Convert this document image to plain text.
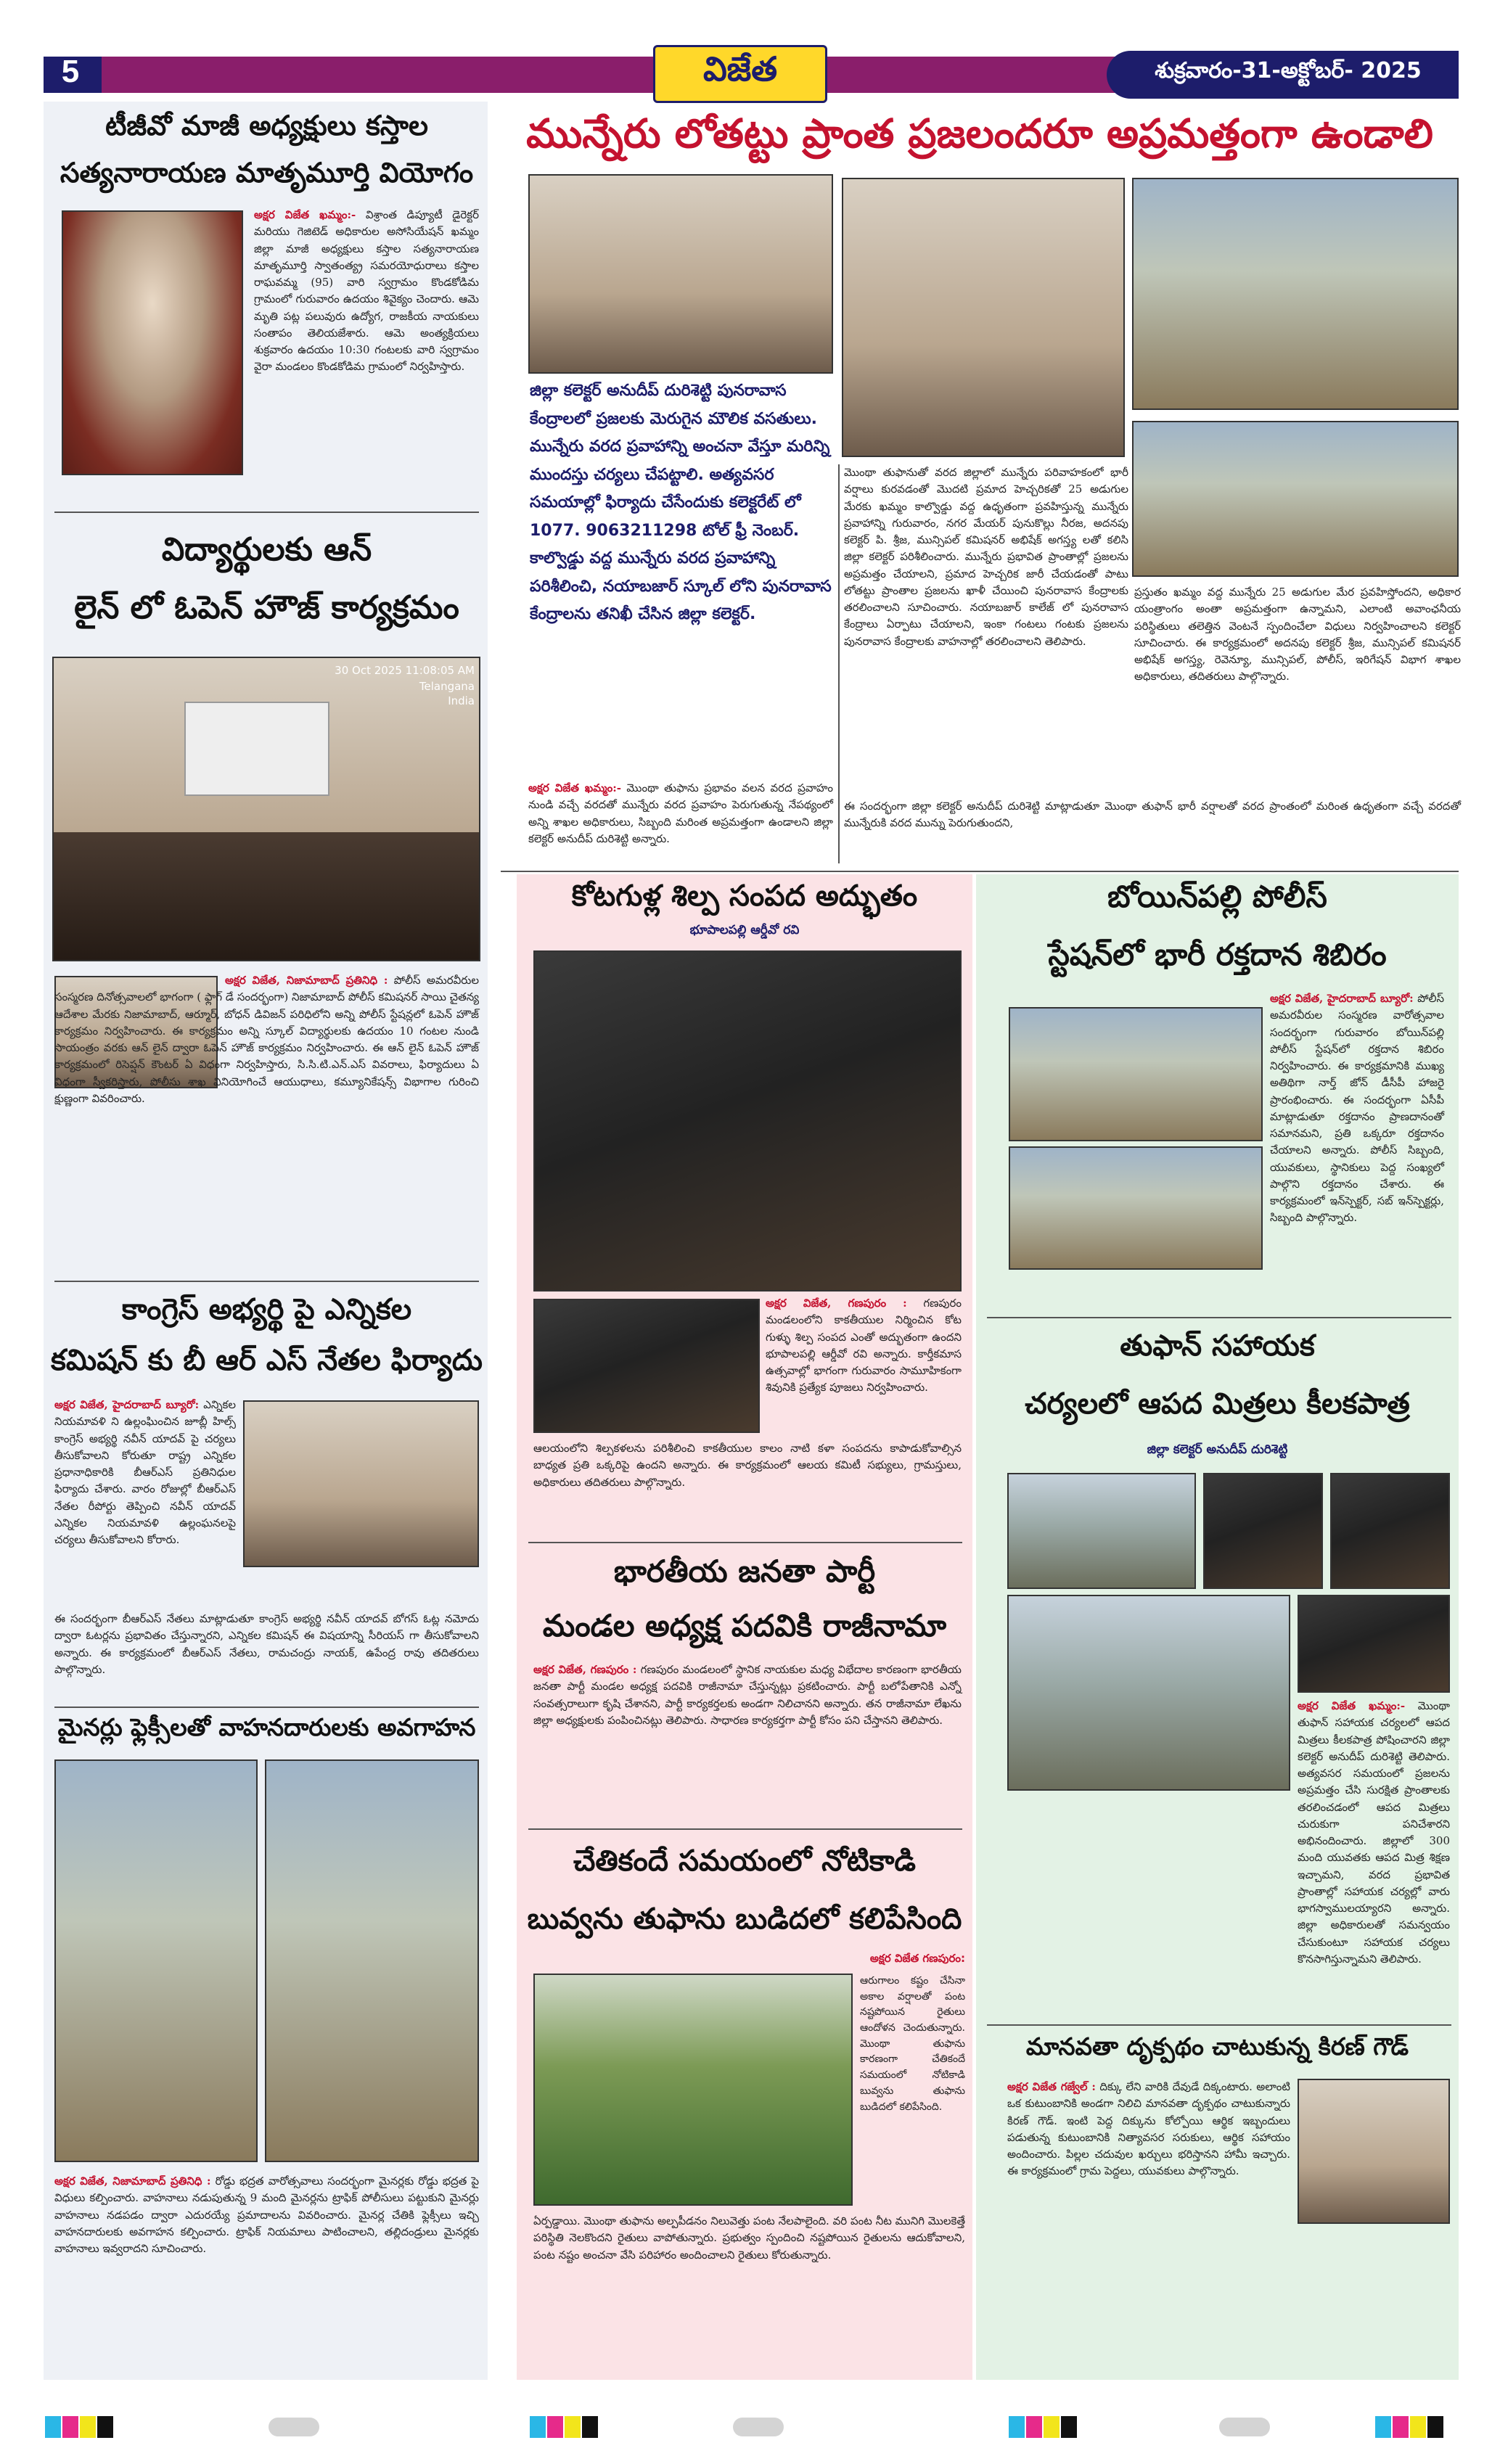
5	విజేత	శుక్రవారం-31-అక్టోబర్- 2025
టీజీవో మాజీ అధ్యక్షులు కస్తాల
సత్యనారాయణ మాతృమూర్తి వియోగం
అక్షర విజేత ఖమ్మం:- విశ్రాంత డిప్యూటీ డైరెక్టర్ మరియు గెజిటెడ్ అధికారుల అసోసియేషన్ ఖమ్మం జిల్లా మాజీ అధ్యక్షులు కస్తాల సత్యనారాయణ మాతృమూర్తి స్వాతంత్య్ర సమరయోధురాలు కస్తాల రాఘవమ్మ (95) వారి స్వగ్రామం కొండకోడిమ గ్రామంలో గురువారం ఉదయం శివైక్యం చెందారు. ఆమె మృతి పట్ల పలువురు ఉద్యోగ, రాజకీయ నాయకులు సంతాపం తెలియజేశారు. ఆమె అంత్యక్రియలు శుక్రవారం ఉదయం 10:30 గంటలకు వారి స్వగ్రామం వైరా మండలం కొండకోడిమ గ్రామంలో నిర్వహిస్తారు.
విద్యార్థులకు ఆన్
లైన్ లో ఓపెన్ హౌజ్ కార్యక్రమం
30 Oct 2025 11:08:05 AM
Telangana
India
అక్షర విజేత, నిజామాబాద్ ప్రతినిధి : పోలీస్ అమరవీరుల సంస్మరణ దినోత్సవాలలో భాగంగా ( ఫ్లాగ్ డే సందర్భంగా) నిజామాబాద్ పోలీస్ కమిషనర్ సాయి చైతన్య ఆదేశాల మేరకు నిజామాబాద్, ఆర్మూర్, బోధన్ డివిజన్ పరిధిలోని అన్ని పోలీస్ స్టేషన్లలో ఓపెన్ హౌజ్ కార్యక్రమం నిర్వహించారు. ఈ కార్యక్రమం అన్ని స్కూల్ విద్యార్థులకు ఉదయం 10 గంటల నుండి సాయంత్రం వరకు ఆన్ లైన్ ద్వారా ఓపెన్ హౌజ్ కార్యక్రమం నిర్వహించారు. ఈ ఆన్ లైన్ ఓపెన్ హౌజ్ కార్యక్రమంలో రిసెప్షన్ కౌంటర్ ఏ విధంగా నిర్వహిస్తారు, సి.సి.టి.ఎన్.ఎస్ వివరాలు, ఫిర్యాదులు ఏ విధంగా స్వీకరిస్తారు, పోలీసు శాఖ వినియోగించే ఆయుధాలు, కమ్యూనికేషన్స్ విభాగాల గురించి క్షుణ్ణంగా వివరించారు.
కాంగ్రెస్ అభ్యర్థి పై ఎన్నికల
కమిషన్ కు బీ ఆర్ ఎస్ నేతల ఫిర్యాదు
అక్షర విజేత, హైదరాబాద్ బ్యూరో: ఎన్నికల నియమావళి ని ఉల్లంఘించిన జూబ్లీ హిల్స్ కాంగ్రెస్ అభ్యర్థి నవీన్ యాదవ్ పై చర్యలు తీసుకోవాలని కోరుతూ రాష్ట్ర ఎన్నికల ప్రధానాధికారికి బీఆర్ఎస్ ప్రతినిధుల ఫిర్యాదు చేశారు. వారం రోజుల్లో బీఆర్ఎస్ నేతల రీపోర్టు తెప్పించి నవీన్ యాదవ్ ఎన్నికల నియమావళి ఉల్లంఘనలపై చర్యలు తీసుకోవాలని కోరారు.
ఈ సందర్భంగా బీఆర్ఎస్ నేతలు మాట్లాడుతూ కాంగ్రెస్ అభ్యర్థి నవీన్ యాదవ్ బోగస్ ఓట్ల నమోదు ద్వారా ఓటర్లను ప్రభావితం చేస్తున్నారని, ఎన్నికల కమిషన్ ఈ విషయాన్ని సీరియస్ గా తీసుకోవాలని అన్నారు. ఈ కార్యక్రమంలో బీఆర్ఎస్ నేతలు, రామచంద్రు నాయక్, ఉపేంద్ర రావు తదితరులు పాల్గొన్నారు.
మైనర్లు ఫ్లెక్సీలతో వాహనదారులకు అవగాహన
అక్షర విజేత, నిజామాబాద్ ప్రతినిధి : రోడ్డు భద్రత వారోత్సవాలు సందర్భంగా మైనర్లకు రోడ్డు భద్రత పై విధులు కల్పించారు. వాహనాలు నడుపుతున్న 9 మంది మైనర్లను ట్రాఫిక్ పోలీసులు పట్టుకుని మైనర్లు వాహనాలు నడపడం ద్వారా ఎదురయ్యే ప్రమాదాలను వివరించారు. మైనర్ల చేతికి ఫ్లెక్సీలు ఇచ్చి వాహనదారులకు అవగాహన కల్పించారు. ట్రాఫిక్ నియమాలు పాటించాలని, తల్లిదండ్రులు మైనర్లకు వాహనాలు ఇవ్వరాదని సూచించారు.
మున్నేరు లోతట్టు ప్రాంత ప్రజలందరూ అప్రమత్తంగా ఉండాలి
జిల్లా కలెక్టర్ అనుదీప్ దురిశెట్టి పునరావాస కేంద్రాలలో ప్రజలకు మెరుగైన మౌలిక వసతులు. మున్నేరు వరద ప్రవాహాన్ని అంచనా వేస్తూ మరిన్ని ముందస్తు చర్యలు చేపట్టాలి. అత్యవసర సమయాల్లో ఫిర్యాదు చేసేందుకు కలెక్టరేట్ లో 1077. 9063211298 టోల్ ఫ్రీ నెంబర్. కాల్వొడ్డు వద్ద మున్నేరు వరద ప్రవాహాన్ని పరిశీలించి, నయాబజార్ స్కూల్ లోని పునరావాస కేంద్రాలను తనిఖీ చేసిన జిల్లా కలెక్టర్.
అక్షర విజేత ఖమ్మం:- మొంథా తుఫాను ప్రభావం వలన వరద ప్రవాహం నుండి వచ్చే వరదతో మున్నేరు వరద ప్రవాహం పెరుగుతున్న నేపథ్యంలో అన్ని శాఖల అధికారులు, సిబ్బంది మరింత అప్రమత్తంగా ఉండాలని జిల్లా కలెక్టర్ అనుదీప్ దురిశెట్టి అన్నారు.
మొంథా తుఫానుతో వరద జిల్లాలో మున్నేరు పరివాహకంలో భారీ వర్షాలు కురవడంతో మొదటి ప్రమాద హెచ్చరికతో 25 అడుగుల మేరకు ఖమ్మం కాల్వొడ్డు వద్ద ఉధృతంగా ప్రవహిస్తున్న మున్నేరు ప్రవాహాన్ని గురువారం, నగర మేయర్ పునుకొల్లు నీరజ, అదనపు కలెక్టర్ పి. శ్రీజ, మున్సిపల్ కమిషనర్ అభిషేక్ అగస్త్య లతో కలిసి జిల్లా కలెక్టర్ పరిశీలించారు. మున్నేరు ప్రభావిత ప్రాంతాల్లో ప్రజలను అప్రమత్తం చేయాలని, ప్రమాద హెచ్చరిక జారీ చేయడంతో పాటు లోతట్టు ప్రాంతాల ప్రజలను ఖాళీ చేయించి పునరావాస కేంద్రాలకు తరలించాలని సూచించారు. నయాబజార్ కాలేజ్ లో పునరావాస కేంద్రాలు ఏర్పాటు చేయాలని, ఇంకా గంటలు గంటకు ప్రజలను పునరావాస కేంద్రాలకు వాహనాల్లో తరలించాలని తెలిపారు.
ఈ సందర్భంగా జిల్లా కలెక్టర్ అనుదీప్ దురిశెట్టి మాట్లాడుతూ మొంథా తుఫాన్ భారీ వర్షాలతో వరద ప్రాంతంలో మరింత ఉధృతంగా వచ్చే వరదతో మున్నేరుకి వరద మున్ను పెరుగుతుందని,
ప్రస్తుతం ఖమ్మం వద్ద మున్నేరు 25 అడుగుల మేర ప్రవహిస్తోందని, అధికార యంత్రాంగం అంతా అప్రమత్తంగా ఉన్నామని, ఎలాంటి అవాంఛనీయ పరిస్థితులు తలెత్తిన వెంటనే స్పందించేలా విధులు నిర్వహించాలని కలెక్టర్ సూచించారు. ఈ కార్యక్రమంలో అదనపు కలెక్టర్ శ్రీజ, మున్సిపల్ కమిషనర్ అభిషేక్ అగస్త్య, రెవెన్యూ, మున్సిపల్, పోలీస్, ఇరిగేషన్ విభాగ శాఖల అధికారులు, తదితరులు పాల్గొన్నారు.
కోటగుళ్ల శిల్ప సంపద అద్భుతం
భూపాలపల్లి ఆర్డీవో రవి
అక్షర విజేత, గణపురం : గణపురం మండలంలోని కాకతీయుల నిర్మించిన కోట గుళ్ళు శిల్ప సంపద ఎంతో అద్భుతంగా ఉందని భూపాలపల్లి ఆర్డీవో రవి అన్నారు. కార్తీకమాస ఉత్సవాల్లో భాగంగా గురువారం సామూహికంగా శివునికి ప్రత్యేక పూజలు నిర్వహించారు.
ఆలయంలోని శిల్పకళలను పరిశీలించి కాకతీయుల కాలం నాటి కళా సంపదను కాపాడుకోవాల్సిన బాధ్యత ప్రతి ఒక్కరిపై ఉందని అన్నారు. ఈ కార్యక్రమంలో ఆలయ కమిటీ సభ్యులు, గ్రామస్తులు, అధికారులు తదితరులు పాల్గొన్నారు.
భారతీయ జనతా పార్టీ
మండల అధ్యక్ష పదవికి రాజీనామా
అక్షర విజేత, గణపురం : గణపురం మండలంలో స్థానిక నాయకుల మధ్య విభేదాల కారణంగా భారతీయ జనతా పార్టీ మండల అధ్యక్ష పదవికి రాజీనామా చేస్తున్నట్లు ప్రకటించారు. పార్టీ బలోపేతానికి ఎన్నో సంవత్సరాలుగా కృషి చేశానని, పార్టీ కార్యకర్తలకు అండగా నిలిచానని అన్నారు. తన రాజీనామా లేఖను జిల్లా అధ్యక్షులకు పంపించినట్లు తెలిపారు. సాధారణ కార్యకర్తగా పార్టీ కోసం పని చేస్తానని తెలిపారు.
చేతికందే సమయంలో నోటికాడి
బువ్వను తుఫాను బుడిదలో కలిపేసింది
అక్షర విజేత గణపురం:
ఆరుగాలం కష్టం చేసినా అకాల వర్షాలతో పంట నష్టపోయిన రైతులు ఆందోళన చెందుతున్నారు. మొంథా తుఫాను కారణంగా చేతికందే సమయంలో నోటికాడి బువ్వను తుఫాను బుడిదలో కలిపేసింది.
ఏర్పడ్డాయి. మొంథా తుఫాను అల్పపీడనం నిలువెత్తు పంట నేలపాలైంది. వరి పంట నీట మునిగి మొలకెత్తే పరిస్థితి నెలకొందని రైతులు వాపోతున్నారు. ప్రభుత్వం స్పందించి నష్టపోయిన రైతులను ఆదుకోవాలని, పంట నష్టం అంచనా వేసి పరిహారం అందించాలని రైతులు కోరుతున్నారు.
బోయిన్‌పల్లి పోలీస్
స్టేషన్‌లో భారీ రక్తదాన శిబిరం
అక్షర విజేత, హైదరాబాద్ బ్యూరో: పోలీస్ అమరవీరుల సంస్మరణ వారోత్సవాల సందర్భంగా గురువారం బోయిన్‌పల్లి పోలీస్ స్టేషన్‌లో రక్తదాన శిబిరం నిర్వహించారు. ఈ కార్యక్రమానికి ముఖ్య అతిథిగా నార్త్ జోన్ డీసీపీ హాజరై ప్రారంభించారు. ఈ సందర్భంగా ఏసీపీ మాట్లాడుతూ రక్తదానం ప్రాణదానంతో సమానమని, ప్రతి ఒక్కరూ రక్తదానం చేయాలని అన్నారు. పోలీస్ సిబ్బంది, యువకులు, స్థానికులు పెద్ద సంఖ్యలో పాల్గొని రక్తదానం చేశారు. ఈ కార్యక్రమంలో ఇన్‌స్పెక్టర్, సబ్ ఇన్‌స్పెక్టర్లు, సిబ్బంది పాల్గొన్నారు.
తుఫాన్ సహాయక
చర్యలలో ఆపద మిత్రలు కీలకపాత్ర
జిల్లా కలెక్టర్ అనుదీప్ దురిశెట్టి
అక్షర విజేత ఖమ్మం:- మొంథా తుఫాన్ సహాయక చర్యలలో ఆపద మిత్రలు కీలకపాత్ర పోషించారని జిల్లా కలెక్టర్ అనుదీప్ దురిశెట్టి తెలిపారు. అత్యవసర సమయంలో ప్రజలను అప్రమత్తం చేసి సురక్షిత ప్రాంతాలకు తరలించడంలో ఆపద మిత్రలు చురుకుగా పనిచేశారని అభినందించారు. జిల్లాలో 300 మంది యువతకు ఆపద మిత్ర శిక్షణ ఇచ్చామని, వరద ప్రభావిత ప్రాంతాల్లో సహాయక చర్యల్లో వారు భాగస్వాములయ్యారని అన్నారు. జిల్లా అధికారులతో సమన్వయం చేసుకుంటూ సహాయక చర్యలు కొనసాగిస్తున్నామని తెలిపారు.
మానవతా దృక్పథం చాటుకున్న కిరణ్ గౌడ్
అక్షర విజేత గజ్వేల్ : దిక్కు లేని వారికి దేవుడే దిక్కంటారు. అలాంటి ఒక కుటుంబానికి అండగా నిలిచి మానవతా దృక్పథం చాటుకున్నారు కిరణ్ గౌడ్. ఇంటి పెద్ద దిక్కును కోల్పోయి ఆర్థిక ఇబ్బందులు పడుతున్న కుటుంబానికి నిత్యావసర సరుకులు, ఆర్థిక సహాయం అందించారు. పిల్లల చదువుల ఖర్చులు భరిస్తానని హామీ ఇచ్చారు. ఈ కార్యక్రమంలో గ్రామ పెద్దలు, యువకులు పాల్గొన్నారు.
